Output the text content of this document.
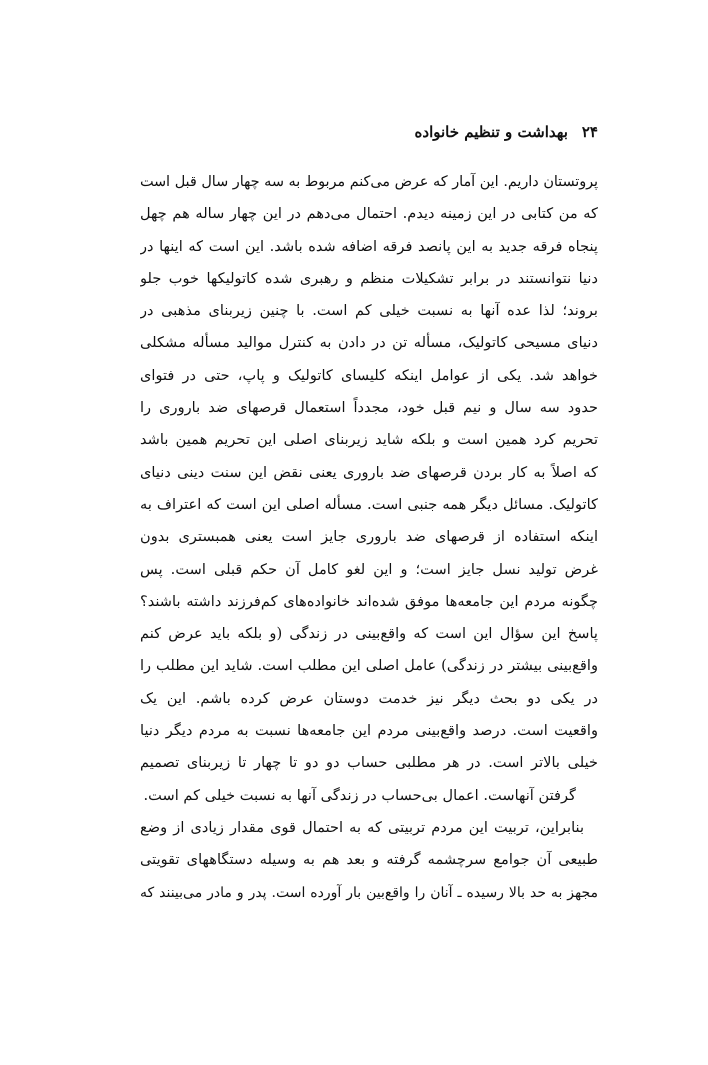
۲۴
بهداشت و تنظیم خانواده
پروتستان داریم. این آمار که عرض می‌کنم مربوط به سه چهار سال قبل است
که من کتابی در این زمینه دیدم. احتمال می‌دهم در این چهار ساله هم چهل
پنجاه فرقه جدید به این پانصد فرقه اضافه شده باشد. این است که اینها در
دنیا نتوانستند در برابر تشکیلات منظم و رهبری شده کاتولیکها خوب جلو
بروند؛ لذا عده آنها به نسبت خیلی کم است. با چنین زیربنای مذهبی در
دنیای مسیحی کاتولیک، مسأله تن در دادن به کنترل موالید مسأله مشکلی
خواهد شد. یکی از عوامل اینکه کلیسای کاتولیک و پاپ، حتی در فتوای
حدود سه سال و نیم قبل خود، مجدداً استعمال قرصهای ضد باروری را
تحریم کرد همین است و بلکه شاید زیربنای اصلی این تحریم همین باشد
که اصلاً به کار بردن قرصهای ضد باروری یعنی نقض این سنت دینی دنیای
کاتولیک. مسائل دیگر همه جنبی است. مسأله اصلی این است که اعتراف به
اینکه استفاده از قرصهای ضد باروری جایز است یعنی همبستری بدون
غرض تولید نسل جایز است؛ و این لغو کامل آن حکم قبلی است. پس
چگونه مردم این جامعه‌ها موفق شده‌اند خانواده‌های کم‌فرزند داشته باشند؟
پاسخ این سؤال این است که واقع‌بینی در زندگی (و بلکه باید عرض کنم
واقع‌بینی بیشتر در زندگی) عامل اصلی این مطلب است. شاید این مطلب را
در یکی دو بحث دیگر نیز خدمت دوستان عرض کرده باشم. این یک
واقعیت است. درصد واقع‌بینی مردم این جامعه‌ها نسبت به مردم دیگر دنیا
خیلی بالاتر است. در هر مطلبی حساب دو دو تا چهار تا زیربنای تصمیم
گرفتن آنهاست. اعمال بی‌حساب در زندگی آنها به نسبت خیلی کم است.
بنابراین، تربیت این مردم تربیتی که به احتمال قوی مقدار زیادی از وضع
طبیعی آن جوامع سرچشمه گرفته و بعد هم به وسیله دستگاههای تقویتی
مجهز به حد بالا رسیده ـ آنان را واقع‌بین بار آورده است. پدر و مادر می‌بینند که
